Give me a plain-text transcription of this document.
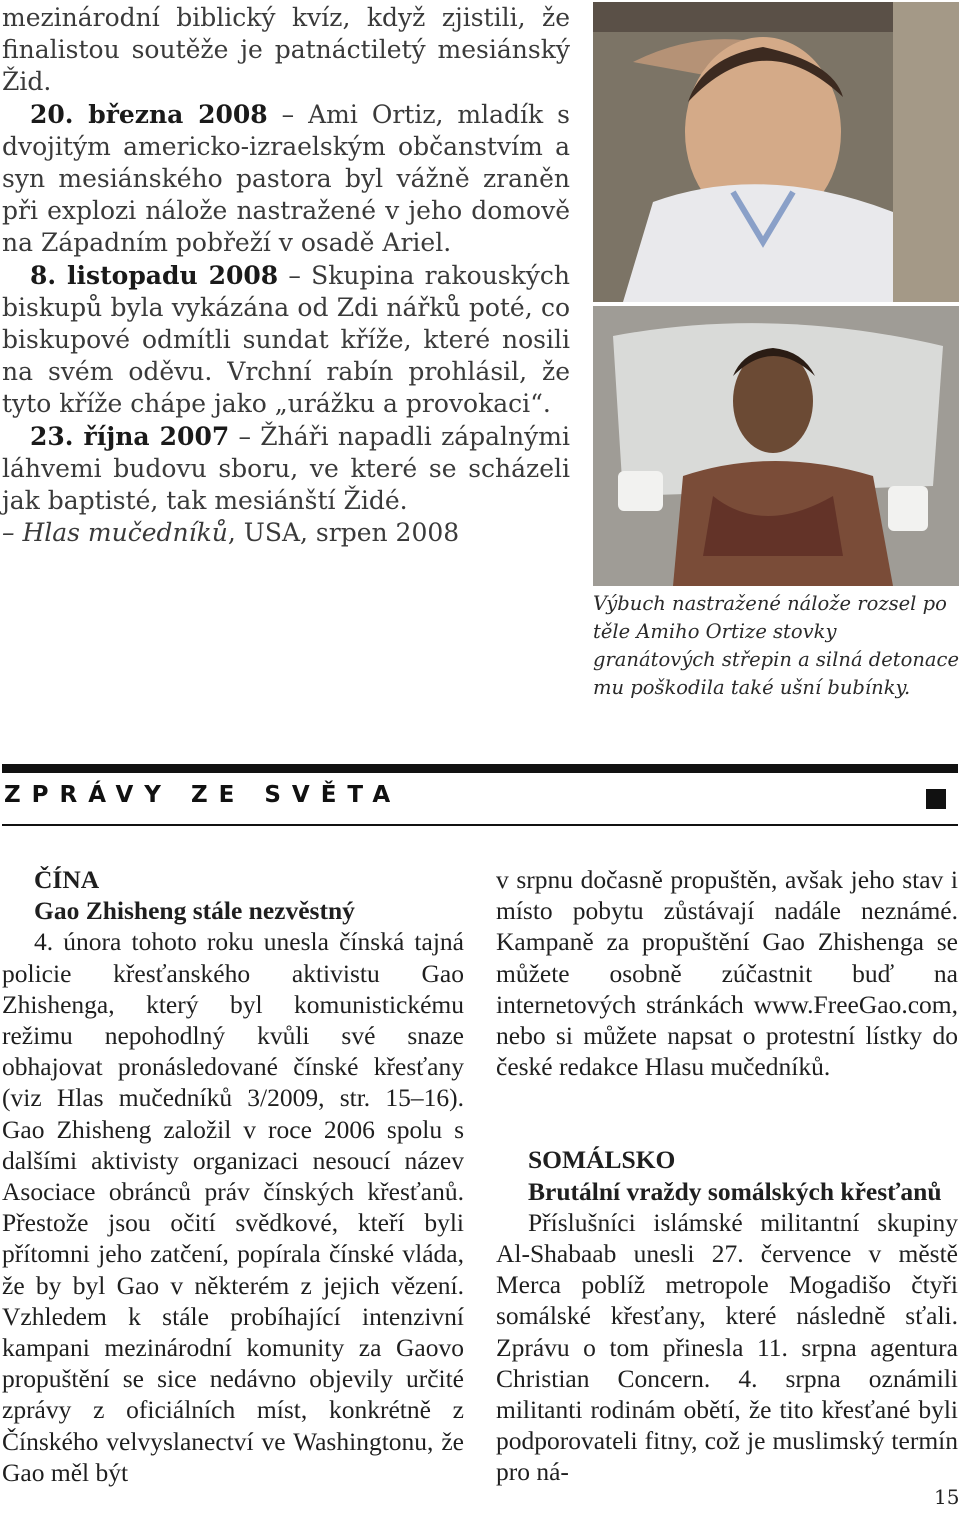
mezinárodní biblický kvíz, když zjistili, že finalistou soutěže je patnáctiletý mesiánský Žid.

20. března 2008 – Ami Ortiz, mladík s dvojitým americko-izraelským občanstvím a syn mesiánského pastora byl vážně zraněn při explozi nálože nastražené v jeho domově na Západním pobřeží v osadě Ariel.

8. listopadu 2008 – Skupina rakouských biskupů byla vykázána od Zdi nářků poté, co biskupové odmítli sundat kříže, které nosili na svém oděvu. Vrchní rabín prohlásil, že tyto kříže chápe jako „urážku a provokaci“.

23. října 2007 – Žháři napadli zápalnými láhvemi budovu sboru, ve které se scházeli jak baptisté, tak mesiánští Židé.

– Hlas mučedníků, USA, srpen 2008

Výbuch nastražené nálože rozsel po těle Amiho Ortize stovky granátových střepin a silná detonace mu poškodila také ušní bubínky.
ZPRÁVY ZE SVĚTA
ČÍNA
Gao Zhisheng stále nezvěstný

4. února tohoto roku unesla čínská tajná policie křesťanského aktivistu Gao Zhishenga, který byl komunistickému režimu nepohodlný kvůli své snaze obhajovat pronásledované čínské křesťany (viz Hlas mučedníků 3/2009, str. 15–16). Gao Zhisheng založil v roce 2006 spolu s dalšími aktivisty organizaci nesoucí název Asociace obránců práv čínských křesťanů. Přestože jsou očití svědkové, kteří byli přítomni jeho zatčení, popírala čínské vláda, že by byl Gao v některém z jejich vězení. Vzhledem k stále probíhající intenzivní kampani mezinárodní komunity za Gaovo propuštění se sice nedávno objevily určité zprávy z oficiálních míst, konkrétně z Čínského velvyslanectví ve Washingtonu, že Gao měl být

v srpnu dočasně propuštěn, avšak jeho stav i místo pobytu zůstávají nadále neznámé. Kampaně za propuštění Gao Zhishenga se můžete osobně zúčastnit buď na internetových stránkách www.FreeGao.com, nebo si můžete napsat o protestní lístky do české redakce Hlasu mučedníků.

SOMÁLSKO
Brutální vraždy somálských křesťanů

Příslušníci islámské militantní skupiny Al-Shabaab unesli 27. července v městě Merca poblíž metropole Mogadišo čtyři somálské křesťany, které následně sťali. Zprávu o tom přinesla 11. srpna agentura Christian Concern. 4. srpna oznámili militanti rodinám obětí, že tito křesťané byli podporovateli fitny, což je muslimský termín pro ná-

15
